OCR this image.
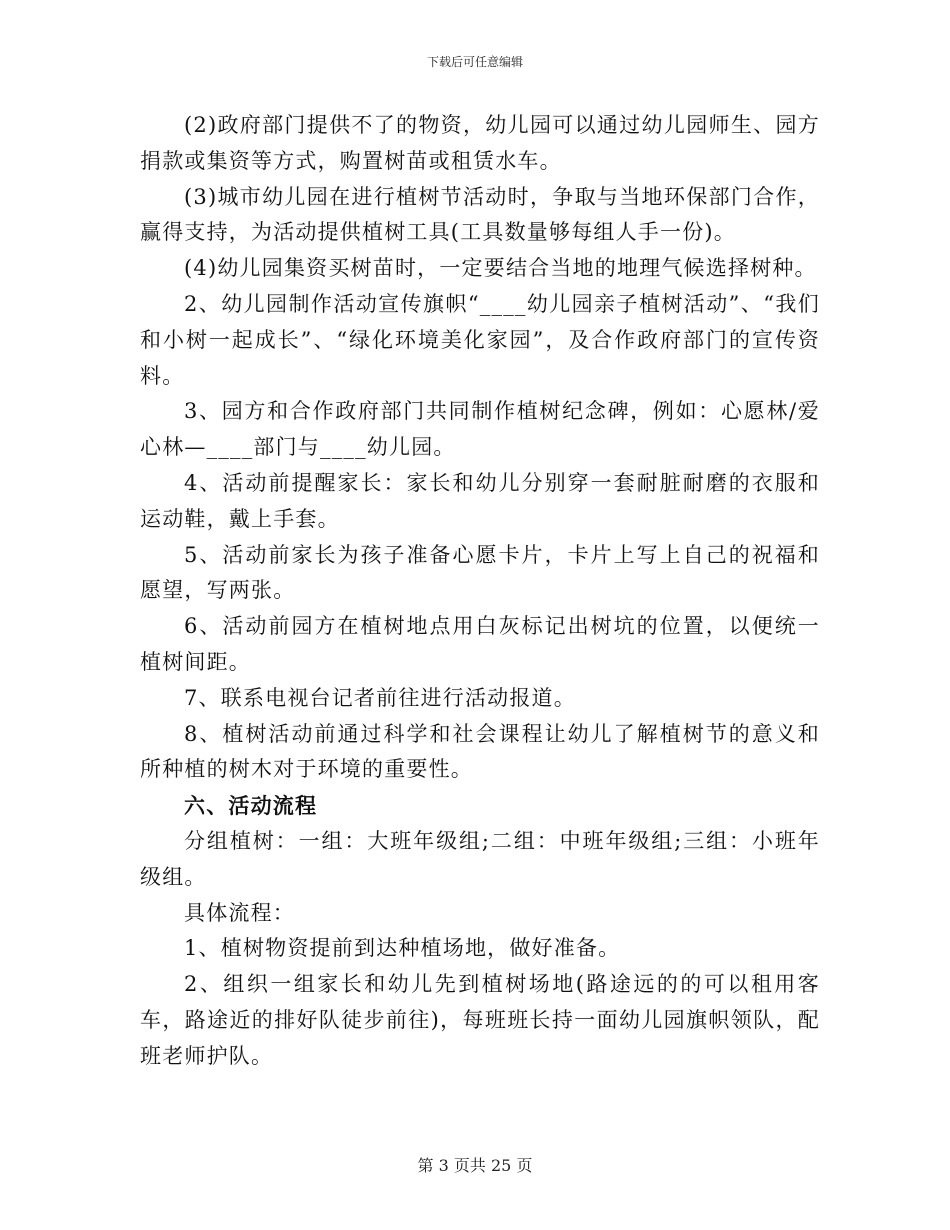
下载后可任意编辑

(2)政府部门提供不了的物资，幼儿园可以通过幼儿园师生、园方捐款或集资等方式，购置树苗或租赁水车。

(3)城市幼儿园在进行植树节活动时，争取与当地环保部门合作，赢得支持，为活动提供植树工具(工具数量够每组人手一份)。

(4)幼儿园集资买树苗时，一定要结合当地的地理气候选择树种。

2、幼儿园制作活动宣传旗帜“____幼儿园亲子植树活动”、“我们和小树一起成长”、“绿化环境美化家园”，及合作政府部门的宣传资料。

3、园方和合作政府部门共同制作植树纪念碑，例如：心愿林/爱心林—____部门与____幼儿园。

4、活动前提醒家长：家长和幼儿分别穿一套耐脏耐磨的衣服和运动鞋，戴上手套。

5、活动前家长为孩子准备心愿卡片，卡片上写上自己的祝福和愿望，写两张。

6、活动前园方在植树地点用白灰标记出树坑的位置，以便统一植树间距。

7、联系电视台记者前往进行活动报道。

8、植树活动前通过科学和社会课程让幼儿了解植树节的意义和所种植的树木对于环境的重要性。

六、活动流程

分组植树：一组：大班年级组;二组：中班年级组;三组：小班年级组。

具体流程：

1、植树物资提前到达种植场地，做好准备。

2、组织一组家长和幼儿先到植树场地(路途远的的可以租用客车，路途近的排好队徒步前往)，每班班长持一面幼儿园旗帜领队，配班老师护队。

第 3 页共 25 页
